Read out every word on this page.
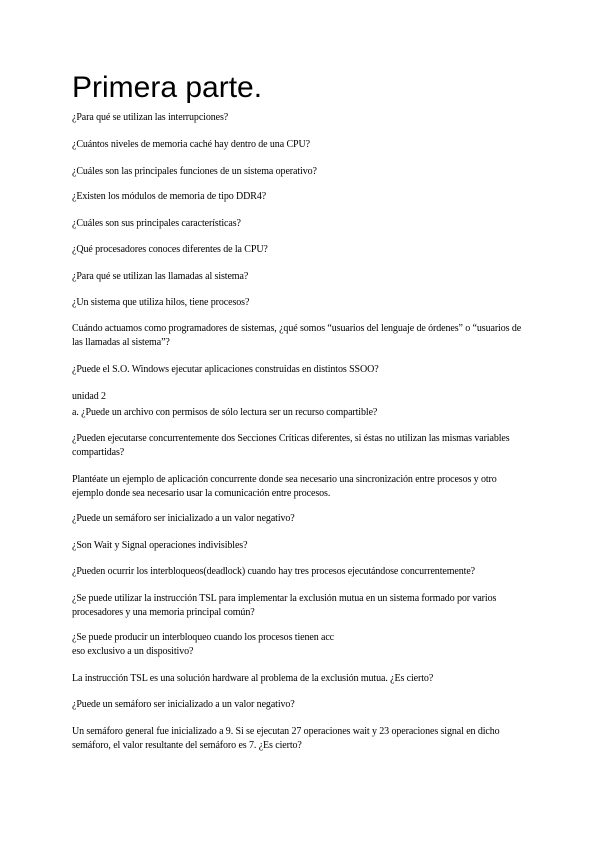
Primera parte.

¿Para qué se utilizan las interrupciones?

¿Cuántos niveles de memoria caché hay dentro de una CPU?

¿Cuáles son las principales funciones de un sistema operativo?

¿Existen los módulos de memoria de tipo DDR4?

¿Cuáles son sus principales características?

¿Qué procesadores conoces diferentes de la CPU?

¿Para qué se utilizan las llamadas al sistema?

¿Un sistema que utiliza hilos, tiene procesos?

Cuándo actuamos como programadores de sistemas, ¿qué somos “usuarios del lenguaje de órdenes” o “usuarios de las llamadas al sistema”?

¿Puede el S.O. Windows ejecutar aplicaciones construidas en distintos SSOO?

unidad 2

a. ¿Puede un archivo con permisos de sólo lectura ser un recurso compartible?

¿Pueden ejecutarse concurrentemente dos Secciones Críticas diferentes, si éstas no utilizan las mismas variables compartidas?

Plantéate un ejemplo de aplicación concurrente donde sea necesario una sincronización entre procesos y otro ejemplo donde sea necesario usar la comunicación entre procesos.

¿Puede un semáforo ser inicializado a un valor negativo?

¿Son Wait y Signal operaciones indivisibles?

¿Pueden ocurrir los interbloqueos(deadlock) cuando hay tres procesos ejecutándose concurrentemente?

¿Se puede utilizar la instrucción TSL para implementar la exclusión mutua en un sistema formado por varios procesadores y una memoria principal común?

¿Se puede producir un interbloqueo cuando los procesos tienen acc
eso exclusivo a un dispositivo?

La instrucción TSL es una solución hardware al problema de la exclusión mutua. ¿Es cierto?

¿Puede un semáforo ser inicializado a un valor negativo?

Un semáforo general fue inicializado a 9. Si se ejecutan 27 operaciones wait y 23 operaciones signal en dicho semáforo, el valor resultante del semáforo es 7. ¿Es cierto?
